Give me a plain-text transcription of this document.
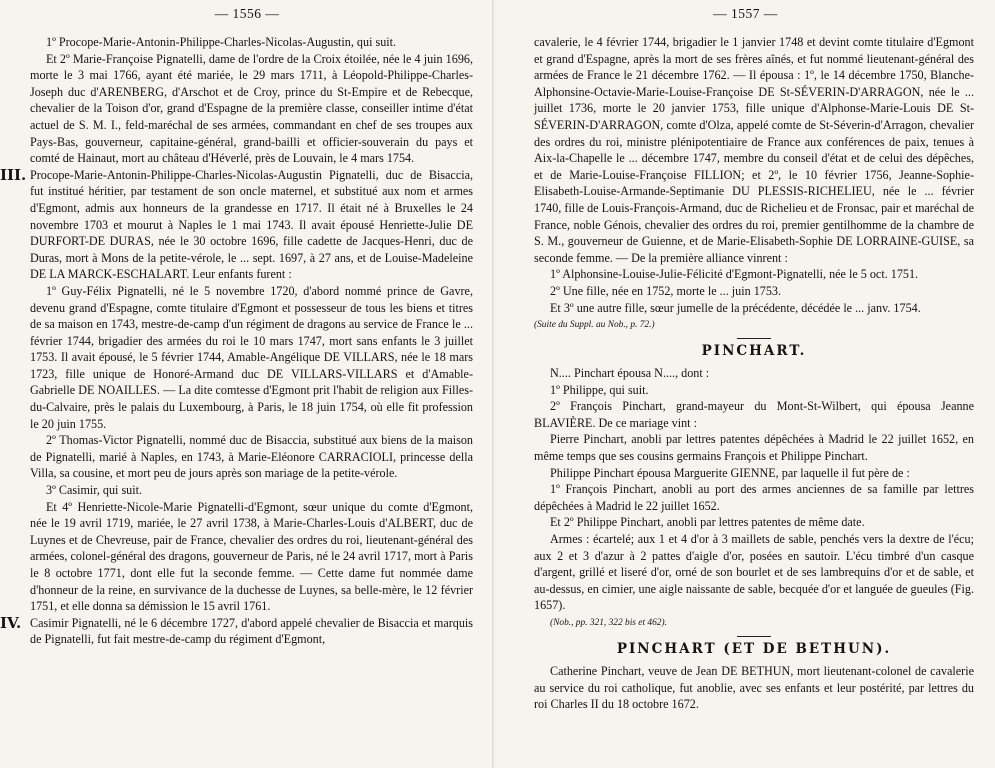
— 1556 —

1º Procope-Marie-Antonin-Philippe-Charles-Nicolas-Augustin, qui suit.

Et 2º Marie-Françoise Pignatelli, dame de l'ordre de la Croix étoilée, née le 4 juin 1696, morte le 3 mai 1766, ayant été mariée, le 29 mars 1711, à Léopold-Philippe-Charles-Joseph duc d'ARENBERG, d'Arschot et de Croy, prince du St-Empire et de Rebecque, chevalier de la Toison d'or, grand d'Espagne de la première classe, conseiller intime d'état actuel de S. M. I., feld-maréchal de ses armées, commandant en chef de ses troupes aux Pays-Bas, gouverneur, capitaine-général, grand-bailli et officier-souverain du pays et comté de Hainaut, mort au château d'Héverlé, près de Louvain, le 4 mars 1754.

III. Procope-Marie-Antonin-Philippe-Charles-Nicolas-Augustin Pignatelli, duc de Bisaccia, fut institué héritier, par testament de son oncle maternel, et substitué aux nom et armes d'Egmont, admis aux honneurs de la grandesse en 1717. Il était né à Bruxelles le 24 novembre 1703 et mourut à Naples le 1 mai 1743. Il avait épousé Henriette-Julie DE DURFORT-DE DURAS, née le 30 octobre 1696, fille cadette de Jacques-Henri, duc de Duras, mort à Mons de la petite-vérole, le ... sept. 1697, à 27 ans, et de Louise-Madeleine DE LA MARCK-ESCHALART. Leur enfants furent :

1º Guy-Félix Pignatelli, né le 5 novembre 1720, d'abord nommé prince de Gavre, devenu grand d'Espagne, comte titulaire d'Egmont et possesseur de tous les biens et titres de sa maison en 1743, mestre-de-camp d'un régiment de dragons au service de France le ... février 1744, brigadier des armées du roi le 10 mars 1747, mort sans enfants le 3 juillet 1753. Il avait épousé, le 5 février 1744, Amable-Angélique DE VILLARS, née le 18 mars 1723, fille unique de Honoré-Armand duc DE VILLARS-VILLARS et d'Amable-Gabrielle DE NOAILLES. — La dite comtesse d'Egmont prit l'habit de religion aux Filles-du-Calvaire, près le palais du Luxembourg, à Paris, le 18 juin 1754, où elle fit profession le 20 juin 1755.

2º Thomas-Victor Pignatelli, nommé duc de Bisaccia, substitué aux biens de la maison de Pignatelli, marié à Naples, en 1743, à Marie-Eléonore CARRACIOLI, princesse della Villa, sa cousine, et mort peu de jours après son mariage de la petite-vérole.

3º Casimir, qui suit.

Et 4º Henriette-Nicole-Marie Pignatelli-d'Egmont, sœur unique du comte d'Egmont, née le 19 avril 1719, mariée, le 27 avril 1738, à Marie-Charles-Louis d'ALBERT, duc de Luynes et de Chevreuse, pair de France, chevalier des ordres du roi, lieutenant-général des armées, colonel-général des dragons, gouverneur de Paris, né le 24 avril 1717, mort à Paris le 8 octobre 1771, dont elle fut la seconde femme. — Cette dame fut nommée dame d'honneur de la reine, en survivance de la duchesse de Luynes, sa belle-mère, le 12 février 1751, et elle donna sa démission le 15 avril 1761.

IV. Casimir Pignatelli, né le 6 décembre 1727, d'abord appelé chevalier de Bisaccia et marquis de Pignatelli, fut fait mestre-de-camp du régiment d'Egmont,

— 1557 —

cavalerie, le 4 février 1744, brigadier le 1 janvier 1748 et devint comte titulaire d'Egmont et grand d'Espagne, après la mort de ses frères aînés, et fut nommé lieutenant-général des armées de France le 21 décembre 1762. — Il épousa : 1º, le 14 décembre 1750, Blanche-Alphonsine-Octavie-Marie-Louise-Françoise DE St-SÉVERIN-D'ARRAGON, née le ... juillet 1736, morte le 20 janvier 1753, fille unique d'Alphonse-Marie-Louis DE St-SÉVERIN-D'ARRAGON, comte d'Olza, appelé comte de St-Séverin-d'Arragon, chevalier des ordres du roi, ministre plénipotentiaire de France aux conférences de paix, tenues à Aix-la-Chapelle le ... décembre 1747, membre du conseil d'état et de celui des dépêches, et de Marie-Louise-Françoise FILLION; et 2º, le 10 février 1756, Jeanne-Sophie-Elisabeth-Louise-Armande-Septimanie DU PLESSIS-RICHELIEU, née le ... février 1740, fille de Louis-François-Armand, duc de Richelieu et de Fronsac, pair et maréchal de France, noble Génois, chevalier des ordres du roi, premier gentilhomme de la chambre de S. M., gouverneur de Guienne, et de Marie-Elisabeth-Sophie DE LORRAINE-GUISE, sa seconde femme. — De la première alliance vinrent :

1º Alphonsine-Louise-Julie-Félicité d'Egmont-Pignatelli, née le 5 oct. 1751.

2º Une fille, née en 1752, morte le ... juin 1753.

Et 3º une autre fille, sœur jumelle de la précédente, décédée le ... janv. 1754.

(Suite du Suppl. au Nob., p. 72.)

PINCHART.

N.... Pinchart épousa N...., dont :

1º Philippe, qui suit.

2º François Pinchart, grand-mayeur du Mont-St-Wilbert, qui épousa Jeanne BLAVIÈRE. De ce mariage vint :

Pierre Pinchart, anobli par lettres patentes dépêchées à Madrid le 22 juillet 1652, en même temps que ses cousins germains François et Philippe Pinchart.

Philippe Pinchart épousa Marguerite GIENNE, par laquelle il fut père de :

1º François Pinchart, anobli au port des armes anciennes de sa famille par lettres dépêchées à Madrid le 22 juillet 1652.

Et 2º Philippe Pinchart, anobli par lettres patentes de même date.

Armes : écartelé; aux 1 et 4 d'or à 3 maillets de sable, penchés vers la dextre de l'écu; aux 2 et 3 d'azur à 2 pattes d'aigle d'or, posées en sautoir. L'écu timbré d'un casque d'argent, grillé et liseré d'or, orné de son bourlet et de ses lambrequins d'or et de sable, et au-dessus, en cimier, une aigle naissante de sable, becquée d'or et languée de gueules (Fig. 1657).

(Nob., pp. 321, 322 bis et 462).

PINCHART (ET DE BETHUN).

Catherine Pinchart, veuve de Jean DE BETHUN, mort lieutenant-colonel de cavalerie au service du roi catholique, fut anoblie, avec ses enfants et leur postérité, par lettres du roi Charles II du 18 octobre 1672.
